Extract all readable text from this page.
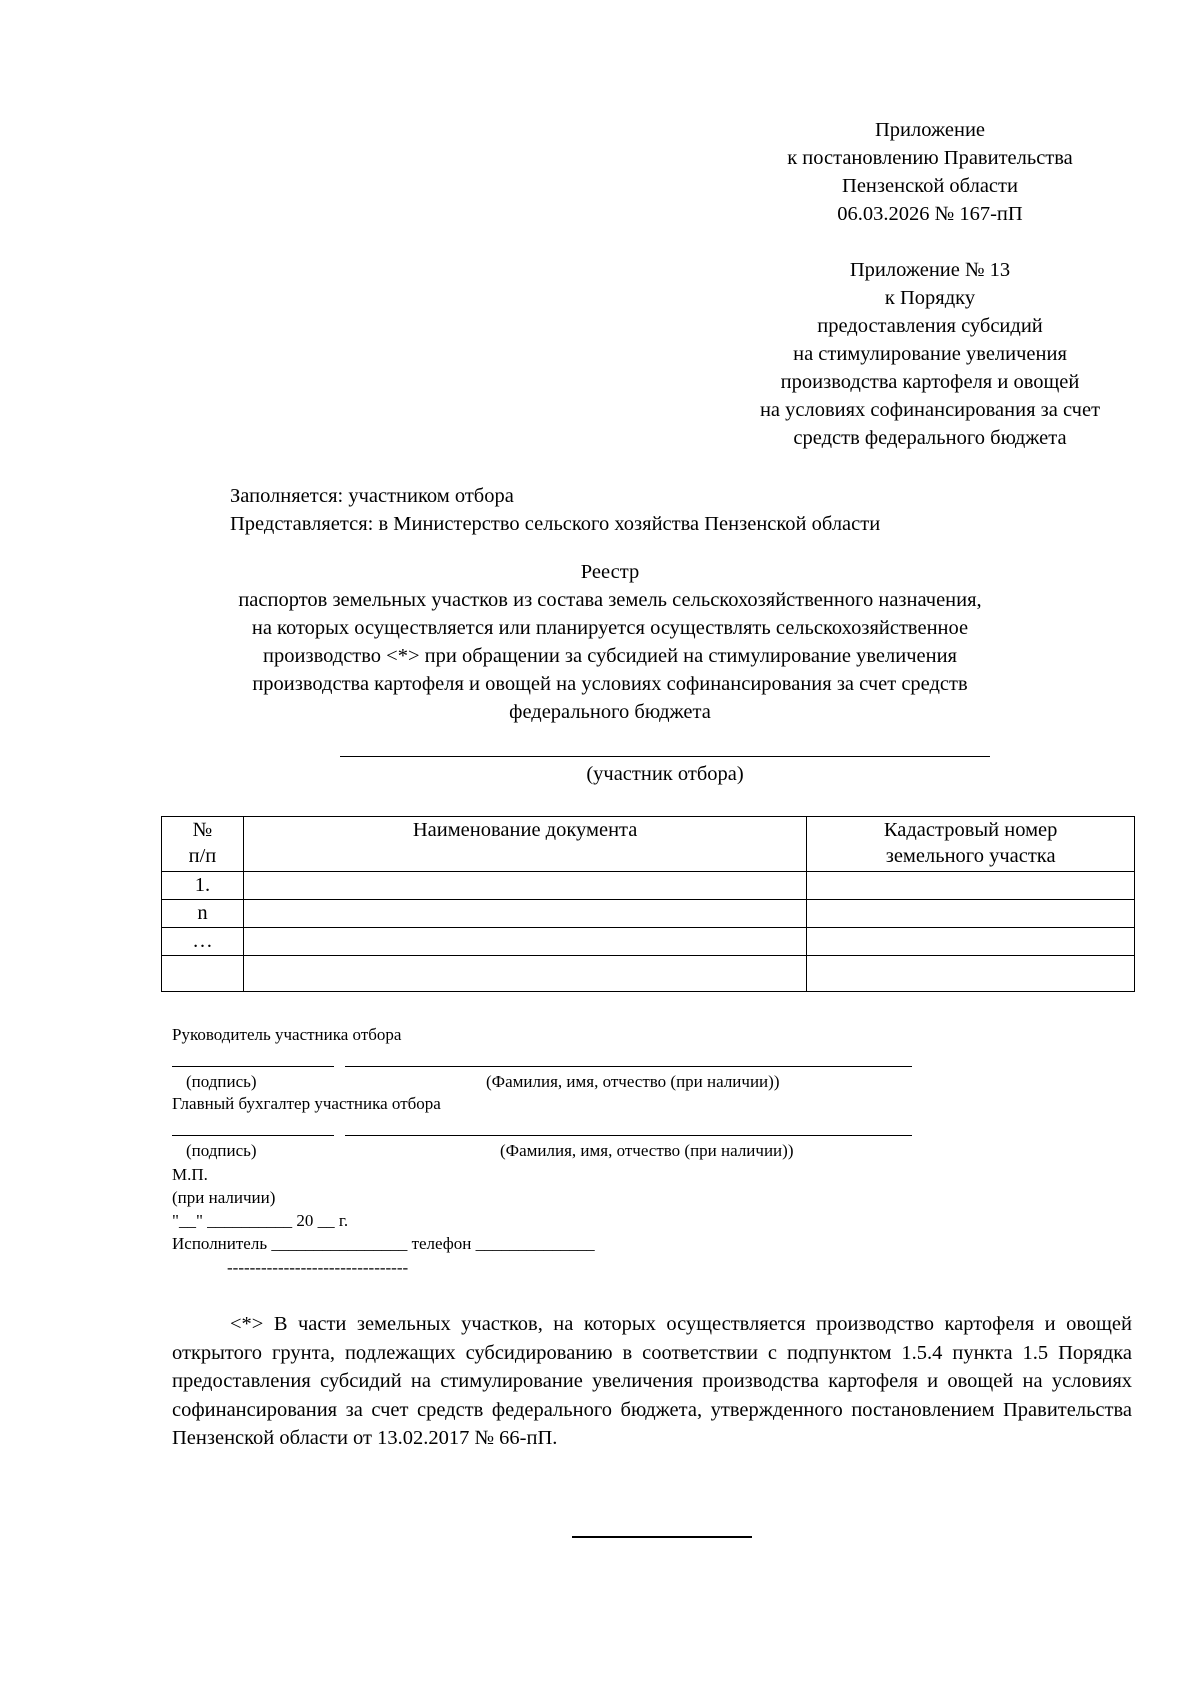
Приложение
к постановлению Правительства
Пензенской области
06.03.2026 № 167-пП
Приложение № 13
к Порядку
предоставления субсидий
на стимулирование увеличения
производства картофеля и овощей
на условиях софинансирования за счет
средств федерального бюджета
Заполняется: участником отбора
Представляется: в Министерство сельского хозяйства Пензенской области
Реестр
паспортов земельных участков из состава земель сельскохозяйственного назначения,
на которых осуществляется или планируется осуществлять сельскохозяйственное
производство <*> при обращении за субсидией на стимулирование увеличения
производства картофеля и овощей на условиях софинансирования за счет средств
федерального бюджета
(участник отбора)
№
п/п	Наименование документа	Кадастровый номер
земельного участка
1.		
n		
…		

Руководитель участника отбора
(подпись)	(Фамилия, имя, отчество (при наличии))
Главный бухгалтер участника отбора
(подпись)	(Фамилия, имя, отчество (при наличии))
М.П.
(при наличии)
"__" __________ 20 __ г.
Исполнитель ________________ телефон ______________
--------------------------------
<*> В части земельных участков, на которых осуществляется производство картофеля и овощей открытого грунта, подлежащих субсидированию в соответствии с подпунктом 1.5.4 пункта 1.5 Порядка предоставления субсидий на стимулирование увеличения производства картофеля и овощей на условиях софинансирования за счет средств федерального бюджета, утвержденного постановлением Правительства Пензенской области от 13.02.2017 № 66-пП.
